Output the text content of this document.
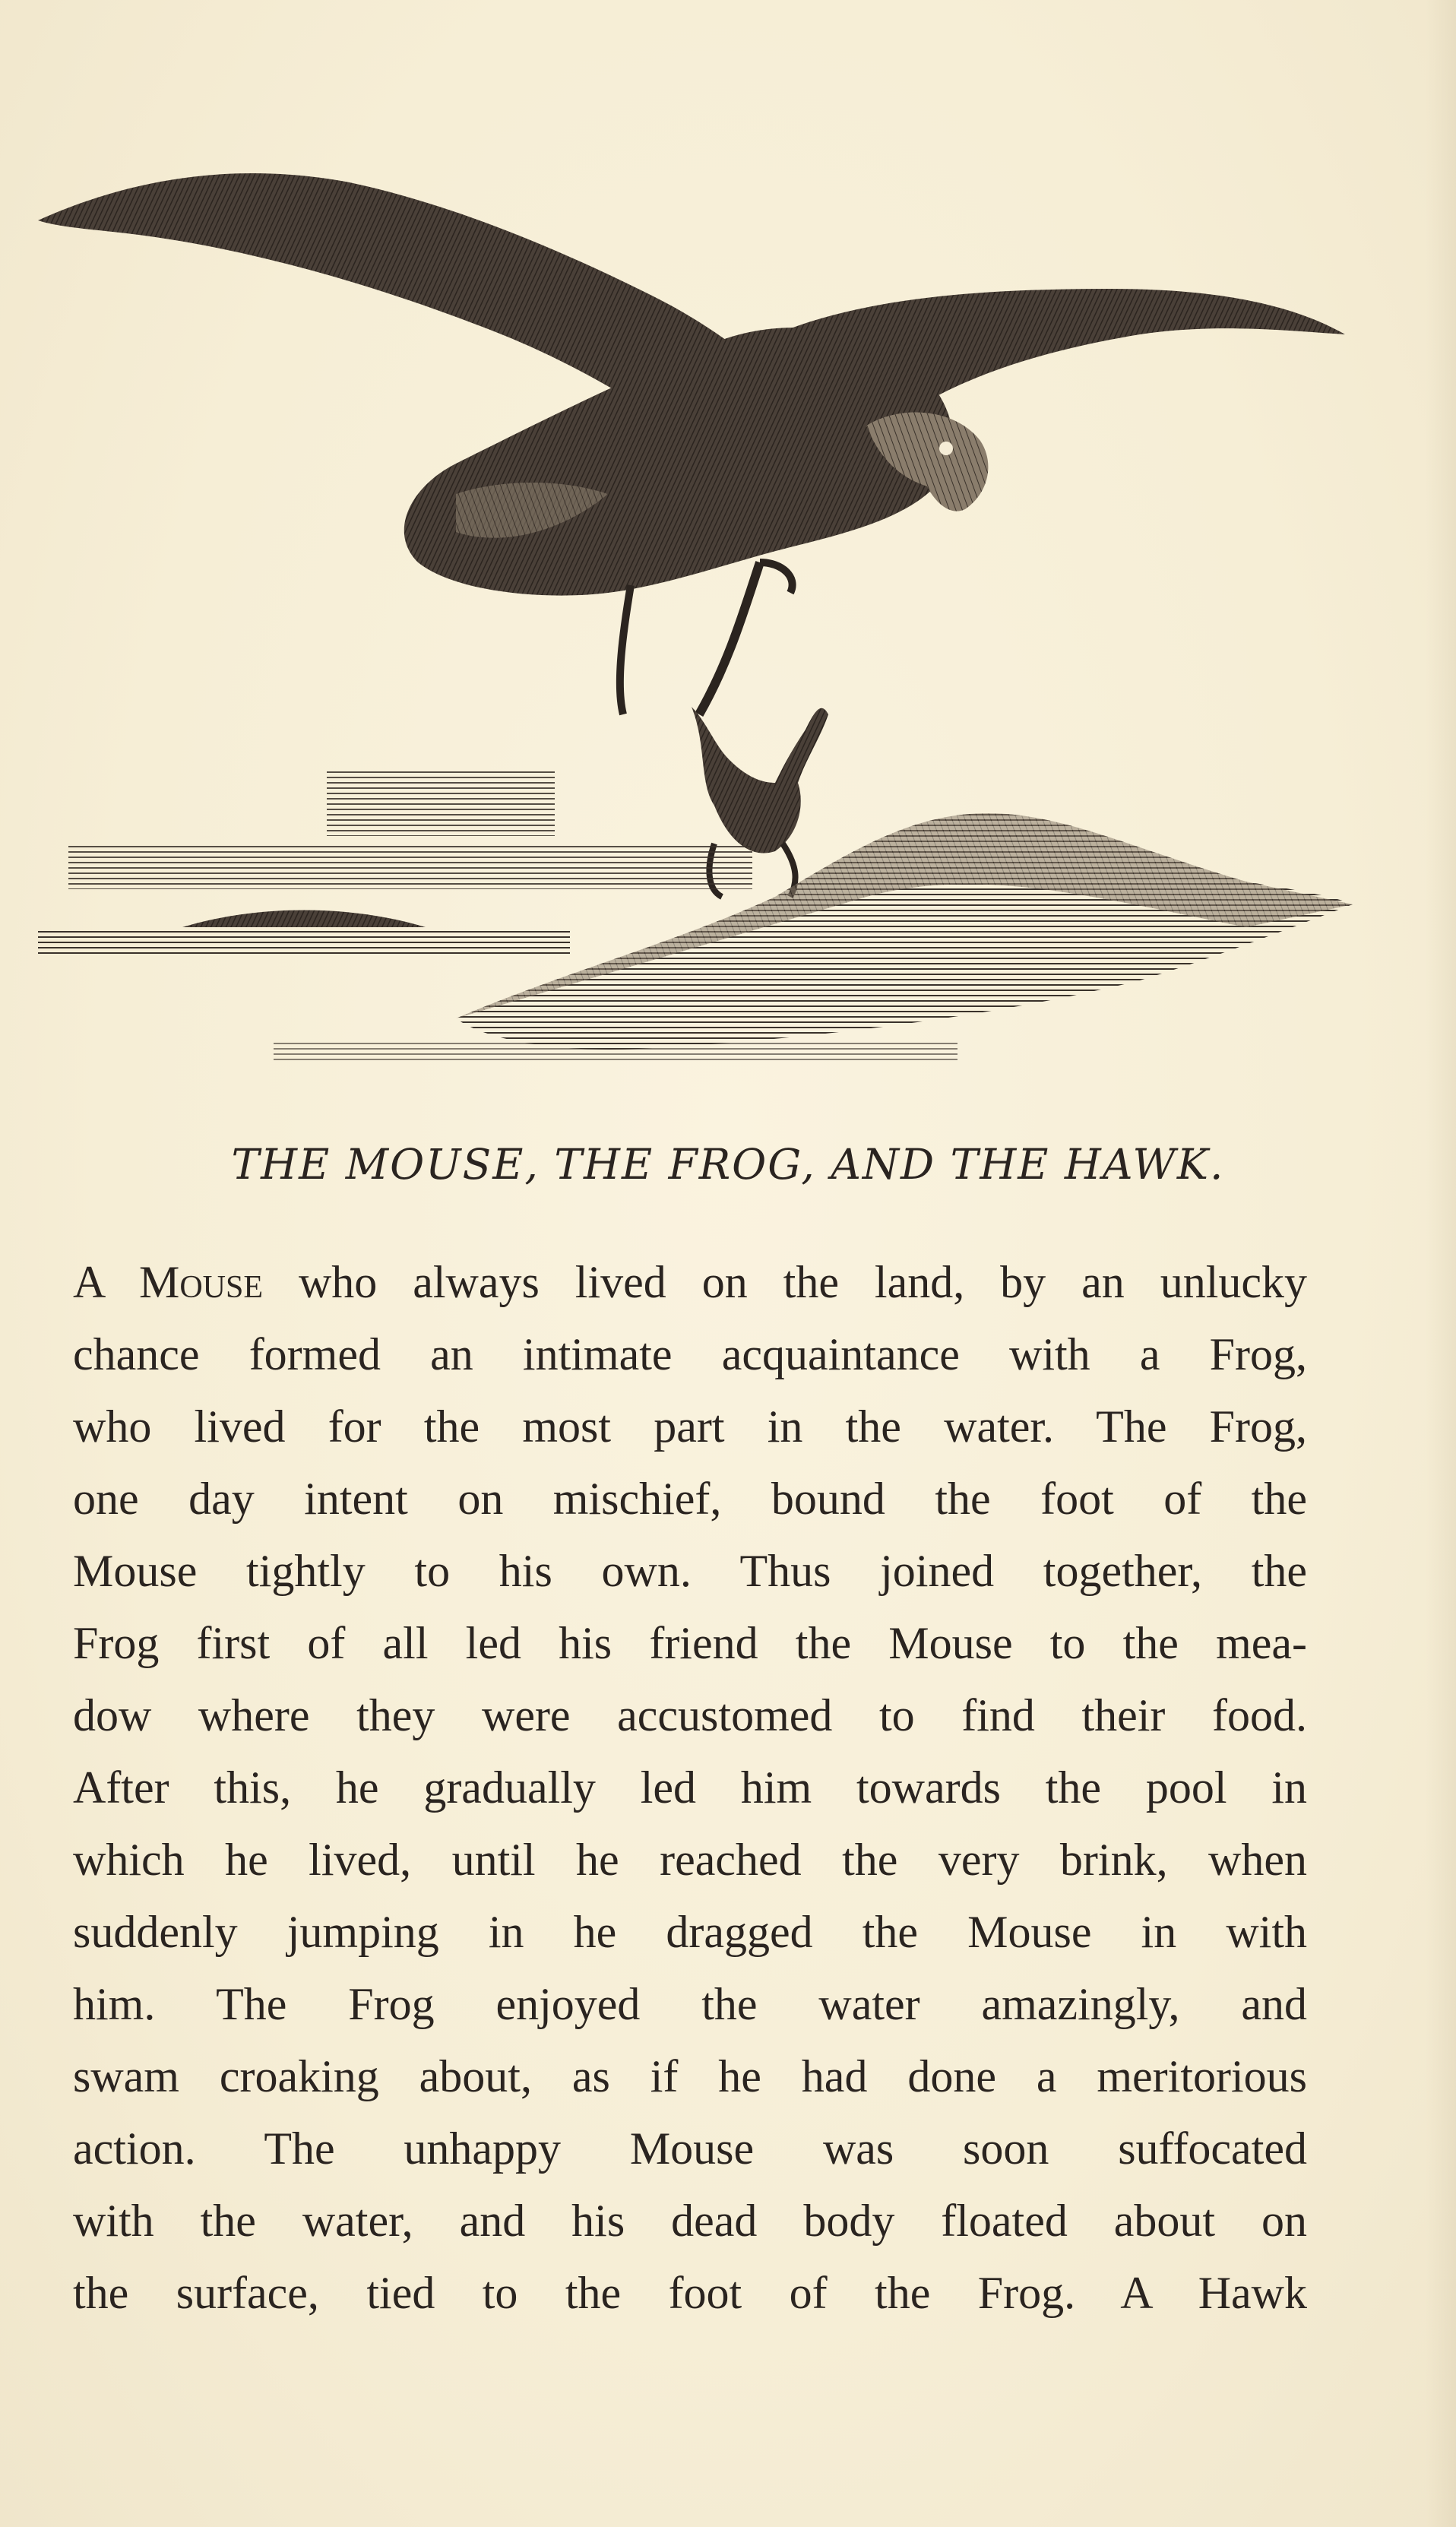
THE MOUSE, THE FROG, AND THE HAWK.
A Mouse who always lived on the land, by an unlucky
chance formed an intimate acquaintance with a Frog,
who lived for the most part in the water. The Frog,
one day intent on mischief, bound the foot of the
Mouse tightly to his own. Thus joined together, the
Frog first of all led his friend the Mouse to the mea-
dow where they were accustomed to find their food.
After this, he gradually led him towards the pool in
which he lived, until he reached the very brink, when
suddenly jumping in he dragged the Mouse in with
him. The Frog enjoyed the water amazingly, and
swam croaking about, as if he had done a meritorious
action. The unhappy Mouse was soon suffocated
with the water, and his dead body floated about on
the surface, tied to the foot of the Frog. A Hawk
